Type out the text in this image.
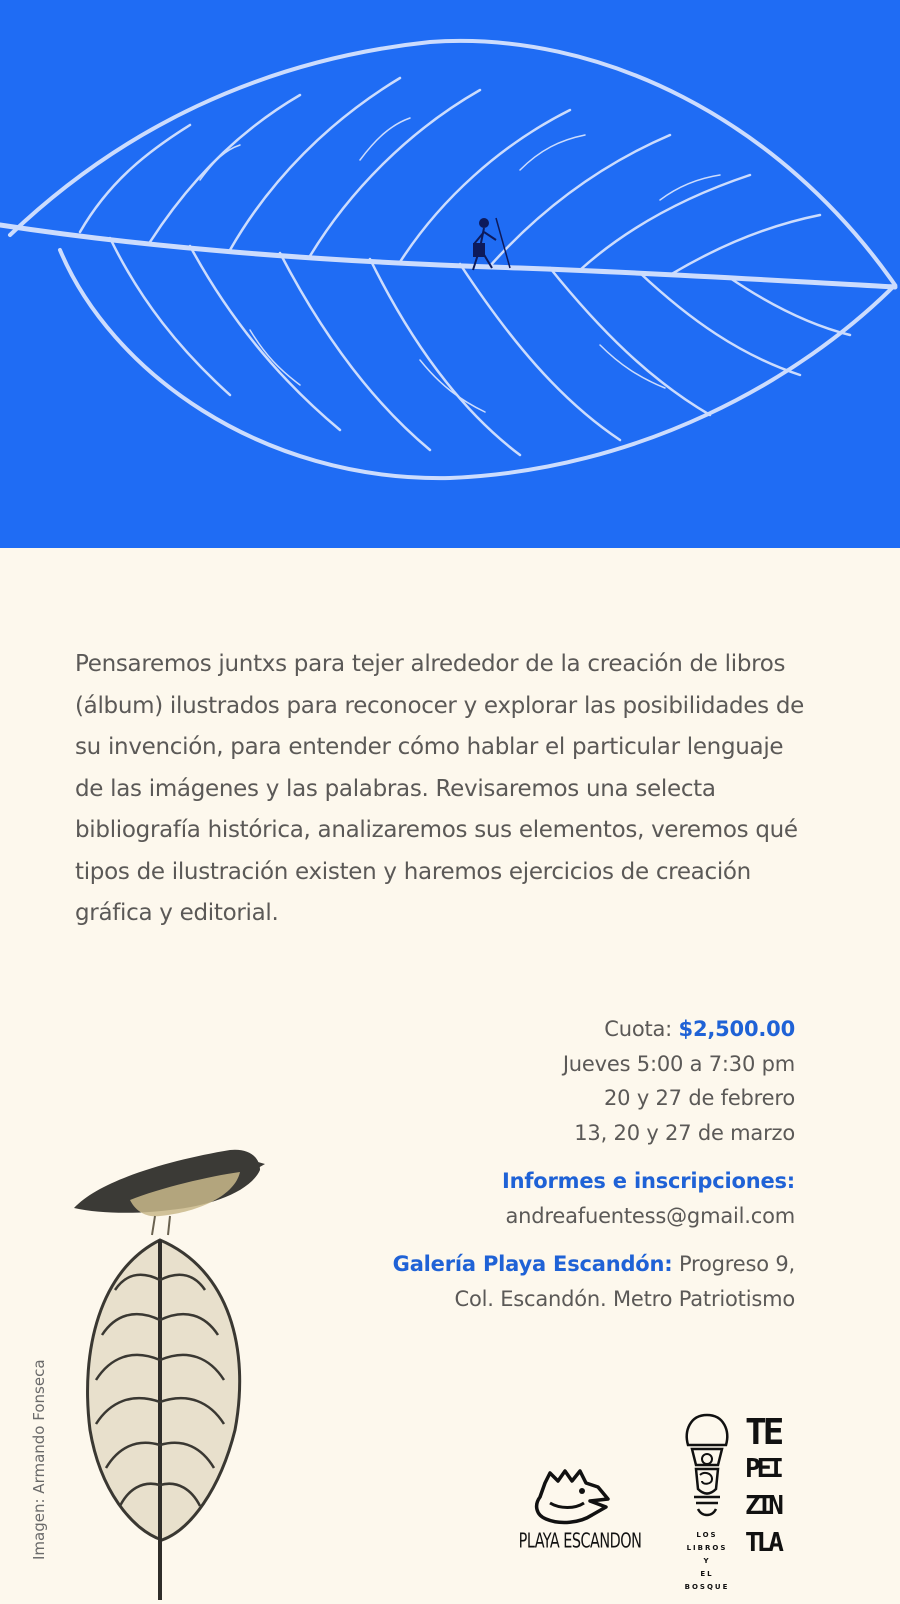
Pensaremos juntxs para tejer alrededor de la creación de libros (álbum) ilustrados para reconocer y explorar las posibilidades de su invención, para entender cómo hablar el particular lenguaje de las imágenes y las palabras. Revisaremos una selecta bibliografía histórica, analizaremos sus elementos, veremos qué tipos de ilustración existen y haremos ejercicios de creación gráfica y editorial.

Cuota: $2,500.00
Jueves 5:00 a 7:30 pm
20 y 27 de febrero
13, 20 y 27 de marzo
Informes e inscripciones:
andreafuentess@gmail.com
Galería Playa Escandón: Progreso 9,
Col. Escandón. Metro Patriotismo
Imagen: Armando Fonseca	PLAYA ESCANDON	LOS
LIBROS
Y
EL
BOSQUE
TE
PEI
ZIN
TLA
